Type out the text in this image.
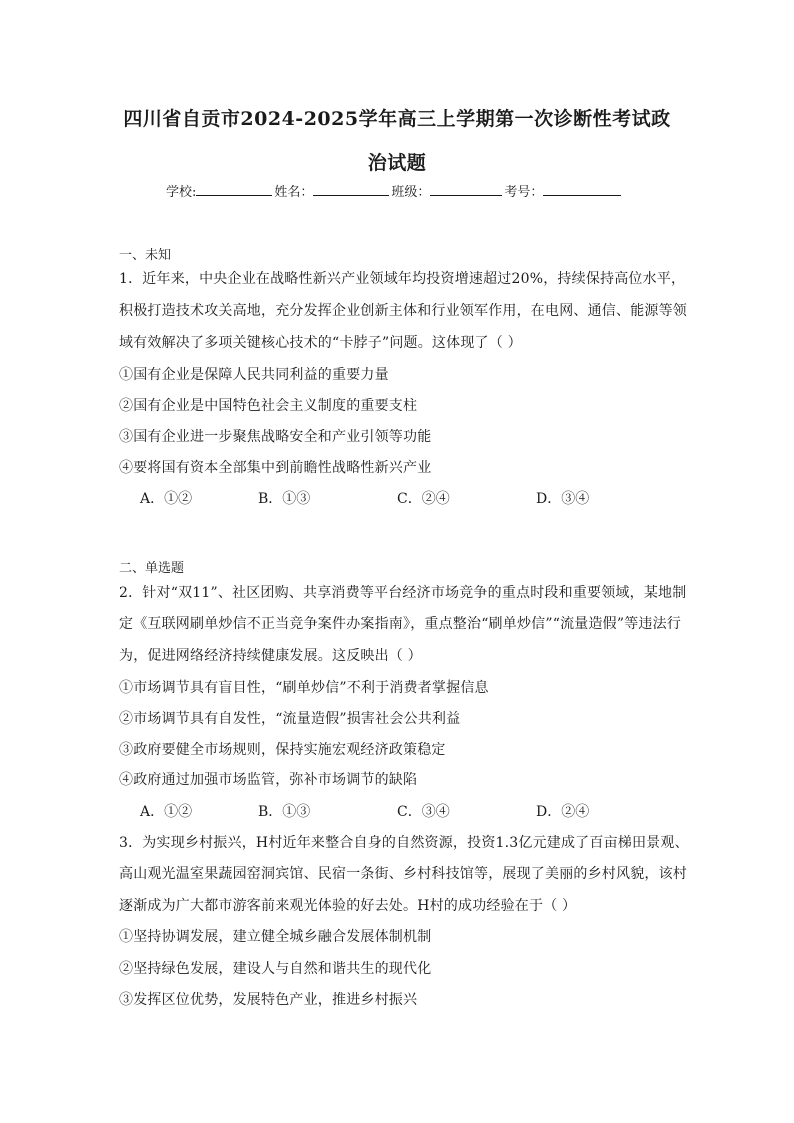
四川省自贡市2024-2025学年高三上学期第一次诊断性考试政
治试题
学校:	姓名：	班级：	考号：
一、未知
1．近年来，中央企业在战略性新兴产业领域年均投资增速超过20%，持续保持高位水平，
积极打造技术攻关高地，充分发挥企业创新主体和行业领军作用，在电网、通信、能源等领
域有效解决了多项关键核心技术的“卡脖子”问题。这体现了（ ）
①国有企业是保障人民共同利益的重要力量
②国有企业是中国特色社会主义制度的重要支柱
③国有企业进一步聚焦战略安全和产业引领等功能
④要将国有资本全部集中到前瞻性战略性新兴产业
A．①②	B．①③	C．②④	D．③④
二、单选题
2．针对“双11”、社区团购、共享消费等平台经济市场竞争的重点时段和重要领域，某地制
定《互联网刷单炒信不正当竞争案件办案指南》，重点整治“刷单炒信”“流量造假”等违法行
为，促进网络经济持续健康发展。这反映出（ ）
①市场调节具有盲目性，“刷单炒信”不利于消费者掌握信息
②市场调节具有自发性，“流量造假”损害社会公共利益
③政府要健全市场规则，保持实施宏观经济政策稳定
④政府通过加强市场监管，弥补市场调节的缺陷
A．①②	B．①③	C．③④	D．②④
3．为实现乡村振兴，H村近年来整合自身的自然资源，投资1.3亿元建成了百亩梯田景观、
高山观光温室果蔬园窑洞宾馆、民宿一条街、乡村科技馆等，展现了美丽的乡村风貌，该村
逐渐成为广大都市游客前来观光体验的好去处。H村的成功经验在于（ ）
①坚持协调发展，建立健全城乡融合发展体制机制
②坚持绿色发展，建设人与自然和谐共生的现代化
③发挥区位优势，发展特色产业，推进乡村振兴
